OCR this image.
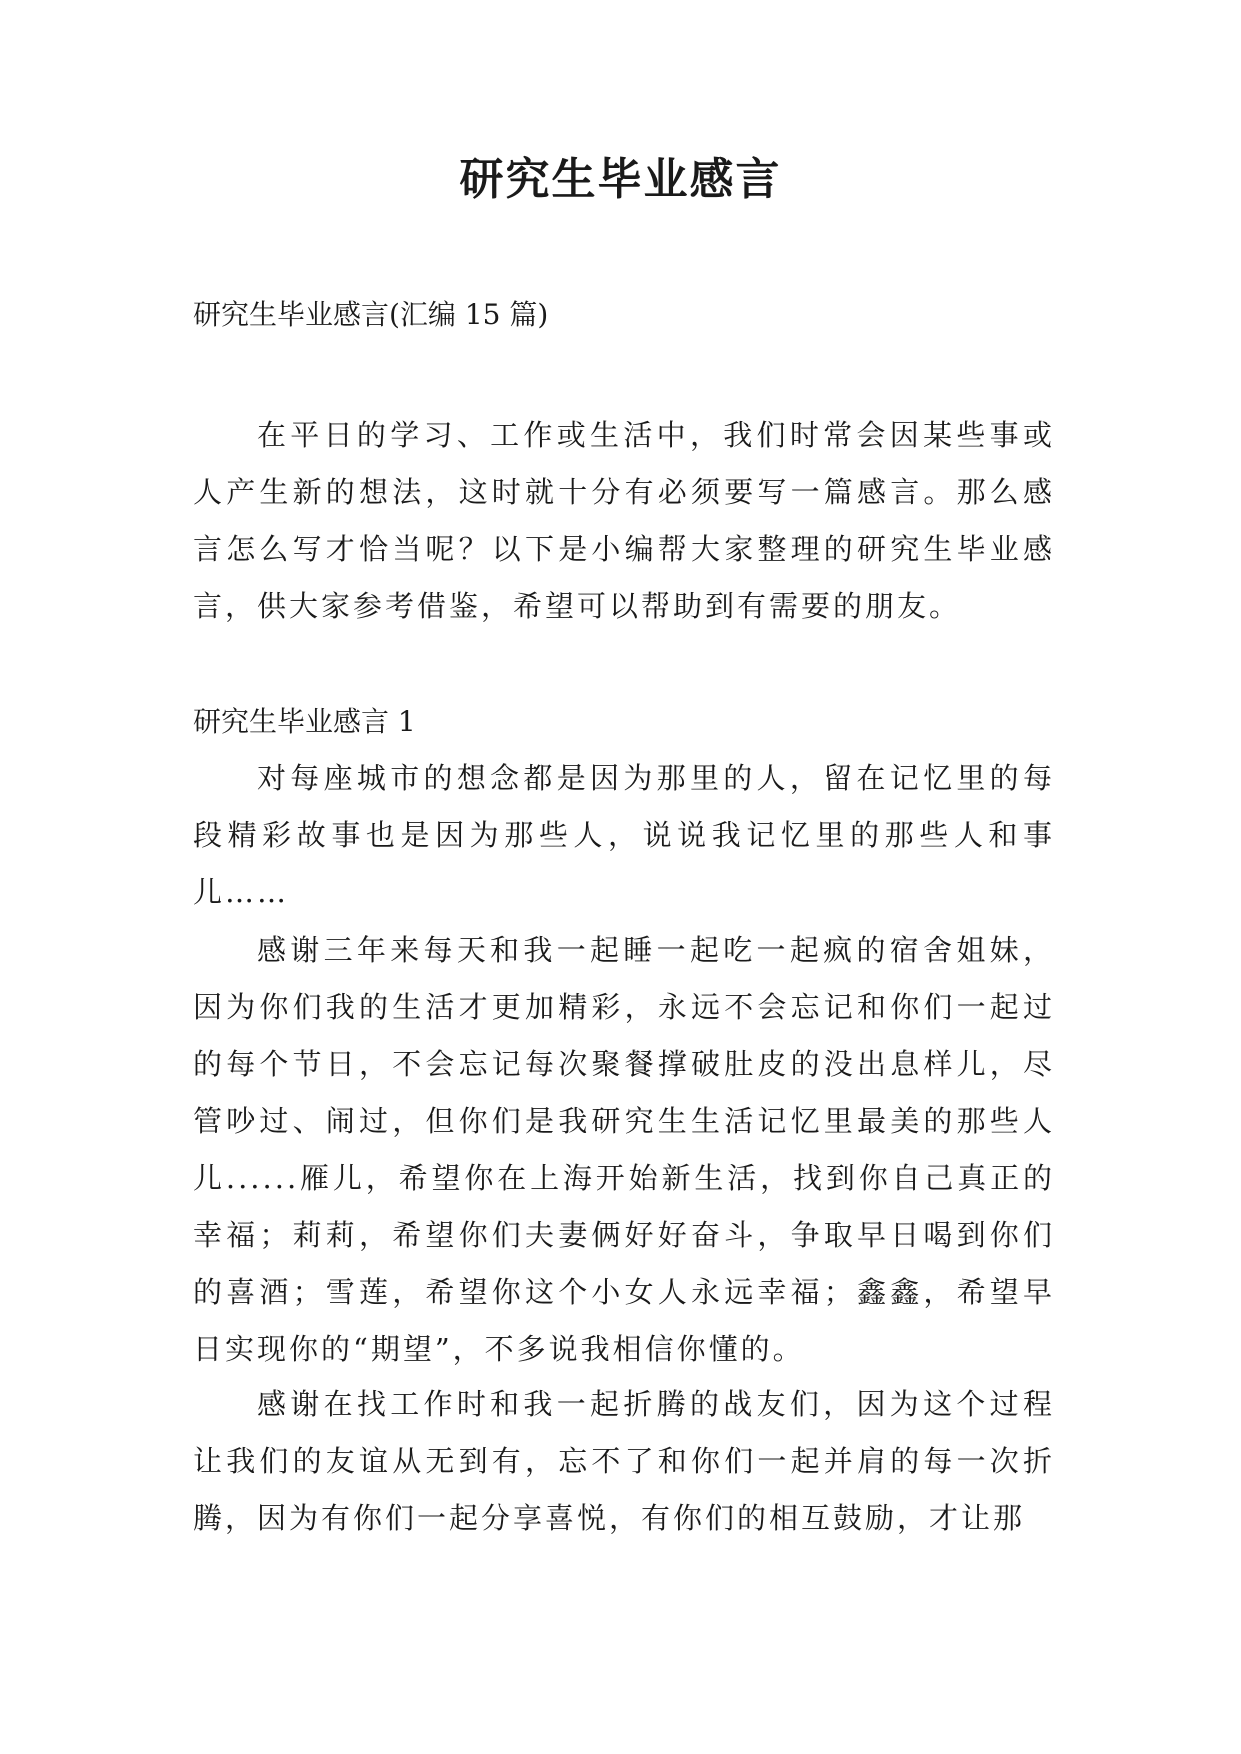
研究生毕业感言
研究生毕业感言(汇编 15 篇)
在平日的学习、工作或生活中，我们时常会因某些事或人产生新的想法，这时就十分有必须要写一篇感言。那么感言怎么写才恰当呢？以下是小编帮大家整理的研究生毕业感言，供大家参考借鉴，希望可以帮助到有需要的朋友。
研究生毕业感言 1
对每座城市的想念都是因为那里的人，留在记忆里的每段精彩故事也是因为那些人，说说我记忆里的那些人和事儿……
感谢三年来每天和我一起睡一起吃一起疯的宿舍姐妹，因为你们我的生活才更加精彩，永远不会忘记和你们一起过的每个节日，不会忘记每次聚餐撑破肚皮的没出息样儿，尽管吵过、闹过，但你们是我研究生生活记忆里最美的那些人儿......雁儿，希望你在上海开始新生活，找到你自己真正的幸福；莉莉，希望你们夫妻俩好好奋斗，争取早日喝到你们的喜酒；雪莲，希望你这个小女人永远幸福；鑫鑫，希望早日实现你的“期望”，不多说我相信你懂的。
感谢在找工作时和我一起折腾的战友们，因为这个过程让我们的友谊从无到有，忘不了和你们一起并肩的每一次折腾，因为有你们一起分享喜悦，有你们的相互鼓励，才让那
